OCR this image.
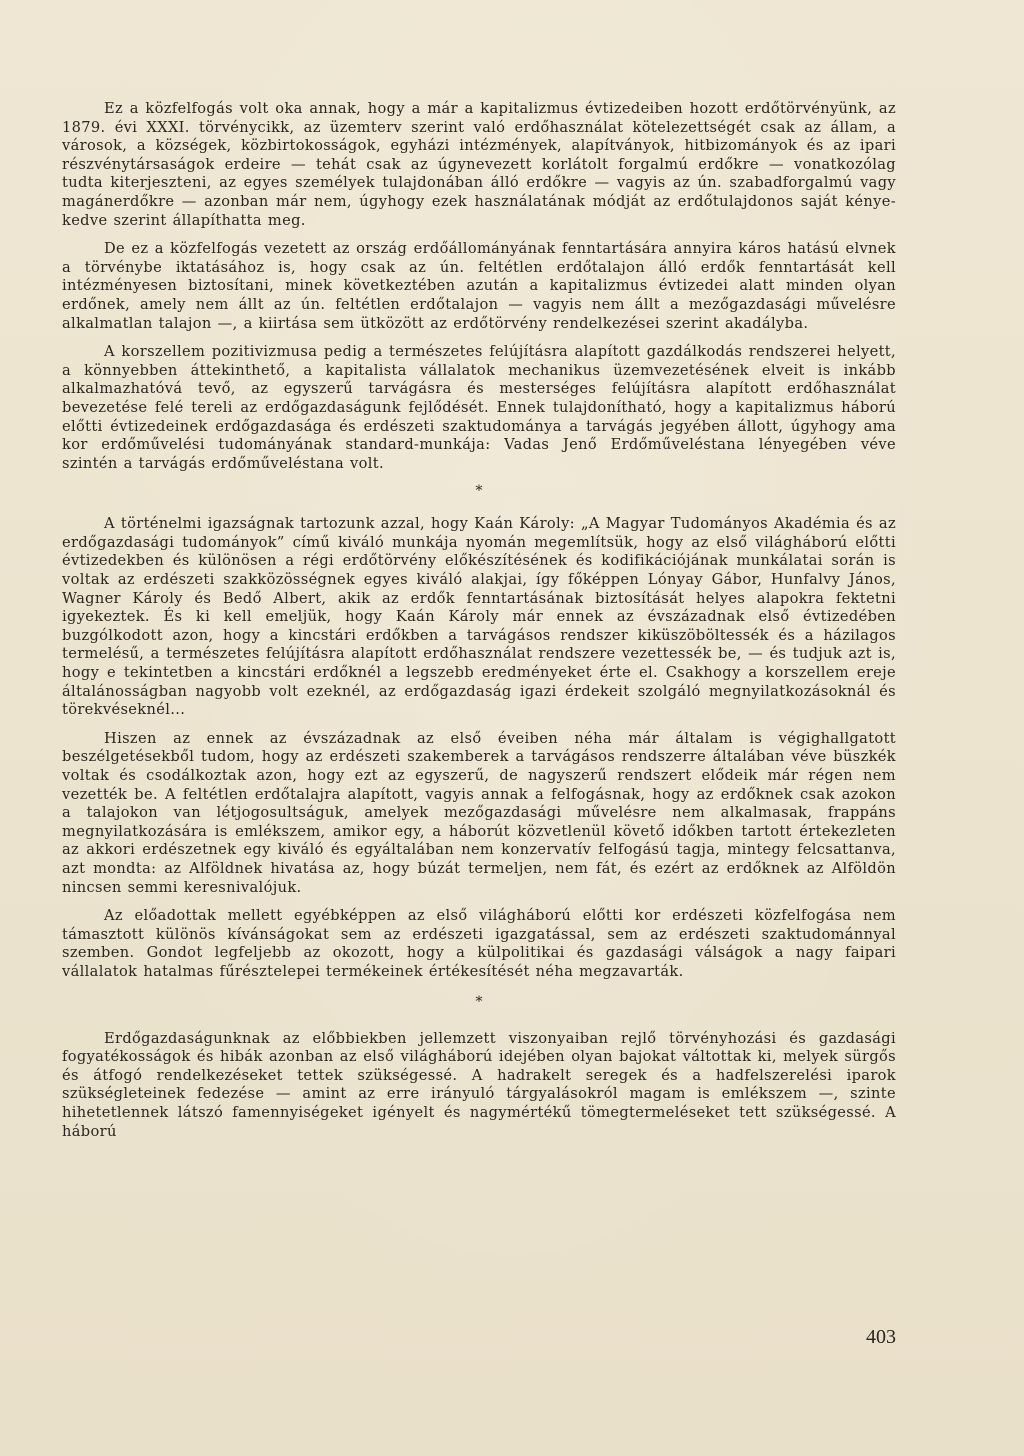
Ez a közfelfogás volt oka annak, hogy a már a kapitalizmus évtizedeiben hozott erdőtörvényünk, az 1879. évi XXXI. törvénycikk, az üzemterv szerint való erdőhasználat kötelezettségét csak az állam, a városok, a községek, közbirtokosságok, egyházi intézmények, alapítványok, hitbizományok és az ipari részvénytársaságok erdeire — tehát csak az úgynevezett korlátolt forgalmú erdőkre — vonatkozólag tudta kiterjeszteni, az egyes személyek tulajdonában álló erdőkre — vagyis az ún. szabadforgalmú vagy magánerdőkre — azonban már nem, úgyhogy ezek használatának módját az erdőtulajdonos saját kénye-kedve szerint állapíthatta meg.

De ez a közfelfogás vezetett az ország erdőállományának fenntartására annyira káros hatású elvnek a törvénybe iktatásához is, hogy csak az ún. feltétlen erdőtalajon álló erdők fenntartását kell intézményesen biztosítani, minek következtében azután a kapitalizmus évtizedei alatt minden olyan erdőnek, amely nem állt az ún. feltétlen erdőtalajon — vagyis nem állt a mezőgazdasági művelésre alkalmatlan talajon —, a kiirtása sem ütközött az erdőtörvény rendelkezései szerint akadályba.

A korszellem pozitivizmusa pedig a természetes felújításra alapított gazdálkodás rendszerei helyett, a könnyebben áttekinthető, a kapitalista vállalatok mechanikus üzemvezetésének elveit is inkább alkalmazhatóvá tevő, az egyszerű tarvágásra és mesterséges felújításra alapított erdőhasználat bevezetése felé tereli az erdőgazdaságunk fejlődését. Ennek tulajdonítható, hogy a kapitalizmus háború előtti évtizedeinek erdőgazdasága és erdészeti szaktudománya a tarvágás jegyében állott, úgyhogy ama kor erdőművelési tudományának standard-munkája: Vadas Jenő Erdőműveléstana lényegében véve szintén a tarvágás erdőműveléstana volt.

*

A történelmi igazságnak tartozunk azzal, hogy Kaán Károly: „A Magyar Tudományos Akadémia és az erdőgazdasági tudományok” című kiváló munkája nyomán megemlítsük, hogy az első világháború előtti évtizedekben és különösen a régi erdőtörvény előkészítésének és kodifikációjának munkálatai során is voltak az erdészeti szakközösségnek egyes kiváló alakjai, így főképpen Lónyay Gábor, Hunfalvy János, Wagner Károly és Bedő Albert, akik az erdők fenntartásának biztosítását helyes alapokra fektetni igyekeztek. És ki kell emeljük, hogy Kaán Károly már ennek az évszázadnak első évtizedében buzgólkodott azon, hogy a kincstári erdőkben a tarvágásos rendszer kiküszöböltessék és a házilagos termelésű, a természetes felújításra alapított erdőhasználat rendszere vezettessék be, — és tudjuk azt is, hogy e tekintetben a kincstári erdőknél a legszebb eredményeket érte el. Csakhogy a korszellem ereje általánosságban nagyobb volt ezeknél, az erdőgazdaság igazi érdekeit szolgáló megnyilatkozásoknál és törekvéseknél...

Hiszen az ennek az évszázadnak az első éveiben néha már általam is végighallgatott beszélgetésekből tudom, hogy az erdészeti szakemberek a tarvágásos rendszerre általában véve büszkék voltak és csodálkoztak azon, hogy ezt az egyszerű, de nagyszerű rendszert elődeik már régen nem vezették be. A feltétlen erdőtalajra alapított, vagyis annak a felfogásnak, hogy az erdőknek csak azokon a talajokon van létjogosultságuk, amelyek mezőgazdasági művelésre nem alkalmasak, frappáns megnyilatkozására is emlékszem, amikor egy, a háborút közvetlenül követő időkben tartott értekezleten az akkori erdészetnek egy kiváló és egyáltalában nem konzervatív felfogású tagja, mintegy felcsattanva, azt mondta: az Alföldnek hivatása az, hogy búzát termeljen, nem fát, és ezért az erdőknek az Alföldön nincsen semmi keresnivalójuk.

Az előadottak mellett egyébképpen az első világháború előtti kor erdészeti közfelfogása nem támasztott különös kívánságokat sem az erdészeti igazgatással, sem az erdészeti szaktudománnyal szemben. Gondot legfeljebb az okozott, hogy a külpolitikai és gazdasági válságok a nagy faipari vállalatok hatalmas fűrésztelepei termékeinek értékesítését néha megzavarták.

*

Erdőgazdaságunknak az előbbiekben jellemzett viszonyaiban rejlő törvényhozási és gazdasági fogyatékosságok és hibák azonban az első világháború idejében olyan bajokat váltottak ki, melyek sürgős és átfogó rendelkezéseket tettek szükségessé. A hadrakelt seregek és a hadfelszerelési iparok szükségleteinek fedezése — amint az erre irányuló tárgyalásokról magam is emlékszem —, szinte hihetetlennek látszó famennyiségeket igényelt és nagymértékű tömegtermeléseket tett szükségessé. A háború

403
